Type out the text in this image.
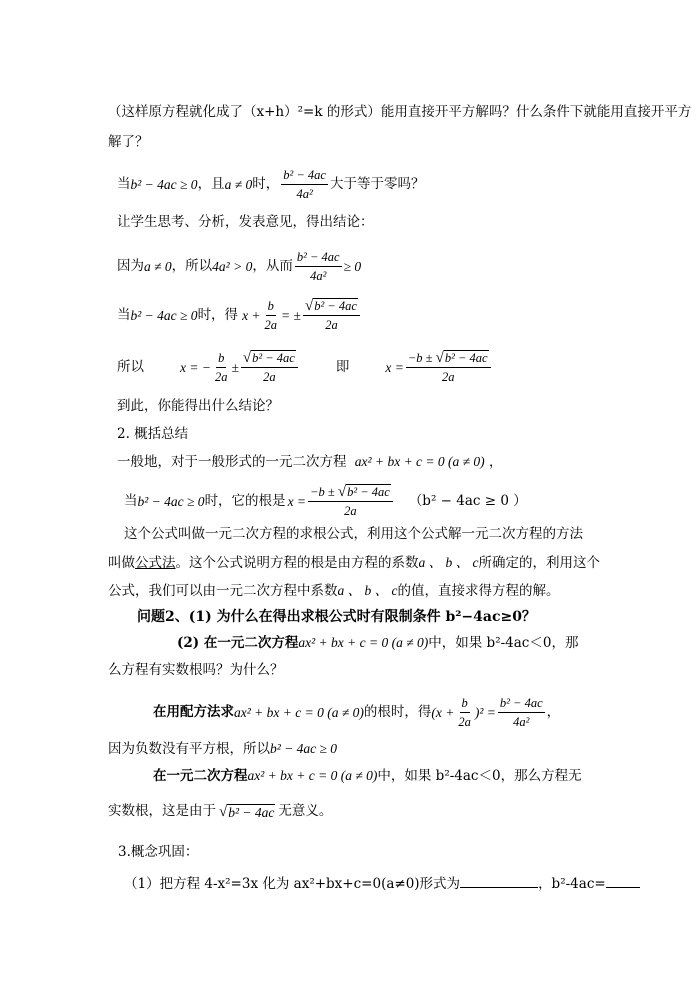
（这样原方程就化成了（x+h）²=k 的形式）能用直接开平方解吗？什么条件下就能用直接开平方
解了？
当 b² − 4ac ≥ 0 ，且 a ≠ 0 时， $\frac{\text{b² − 4ac}}{\text{4a²}}$ 大于等于零吗？
让学生思考、分析，发表意见，得出结论：
因为 a ≠ 0 ，所以 4a² > 0 ，从而 $\frac{\text{b² − 4ac}}{\text{4a²}} \ge 0$
当 b² − 4ac ≥ 0 时，得 $x + \frac{b}{2a}$ = ± $\frac{\text{√ b² − 4ac}}{2a}$
所以	x = − $\frac{b}{2a} \pm \frac{\text{√ b² − 4ac}}{2a}$	即	$x = \frac{\text{−b ± √ b² − 4ac}}{2a}$
到此，你能得出什么结论？
2. 概括总结
一般地，对于一般形式的一元二次方程 ax² + bx + c = 0 (a ≠ 0) ，
当 b² − 4ac ≥ 0 时，它的根是 $x = \frac{\text{−b ± √ b² − 4ac}}{2a} (b^2 - 4ac \ge 0$ ）
这个公式叫做一元二次方程的求根公式，利用这个公式解一元二次方程的方法
叫做公式法。这个公式说明方程的根是由方程的系数a 、 b 、 c所确定的，利用这个
公式，我们可以由一元二次方程中系数a 、 b 、 c的值，直接求得方程的解。
问题2、(1) 为什么在得出求根公式时有限制条件 b²−4ac≥0？
(2) 在一元二次方程ax² + bx + c = 0 (a ≠ 0)中，如果 b²-4ac＜0，那
么方程有实数根吗？为什么？
在用配方法求 ax² + bx + c = 0 (a ≠ 0) 的根时，得 $(x + \frac{b}{2a} )^2 = \frac{\text{b² − 4ac}}{\text{4a²}}$ ，
因为负数没有平方根，所以b² − 4ac ≥ 0
在一元二次方程ax² + bx + c = 0 (a ≠ 0)中，如果 b²-4ac＜0，那么方程无
实数根，这是由于 √ b² − 4ac 无意义。
3.概念巩固：
（1）把方程 4-x²=3x 化为 ax²+bx+c=0(a≠0)形式为	，b²-4ac=
